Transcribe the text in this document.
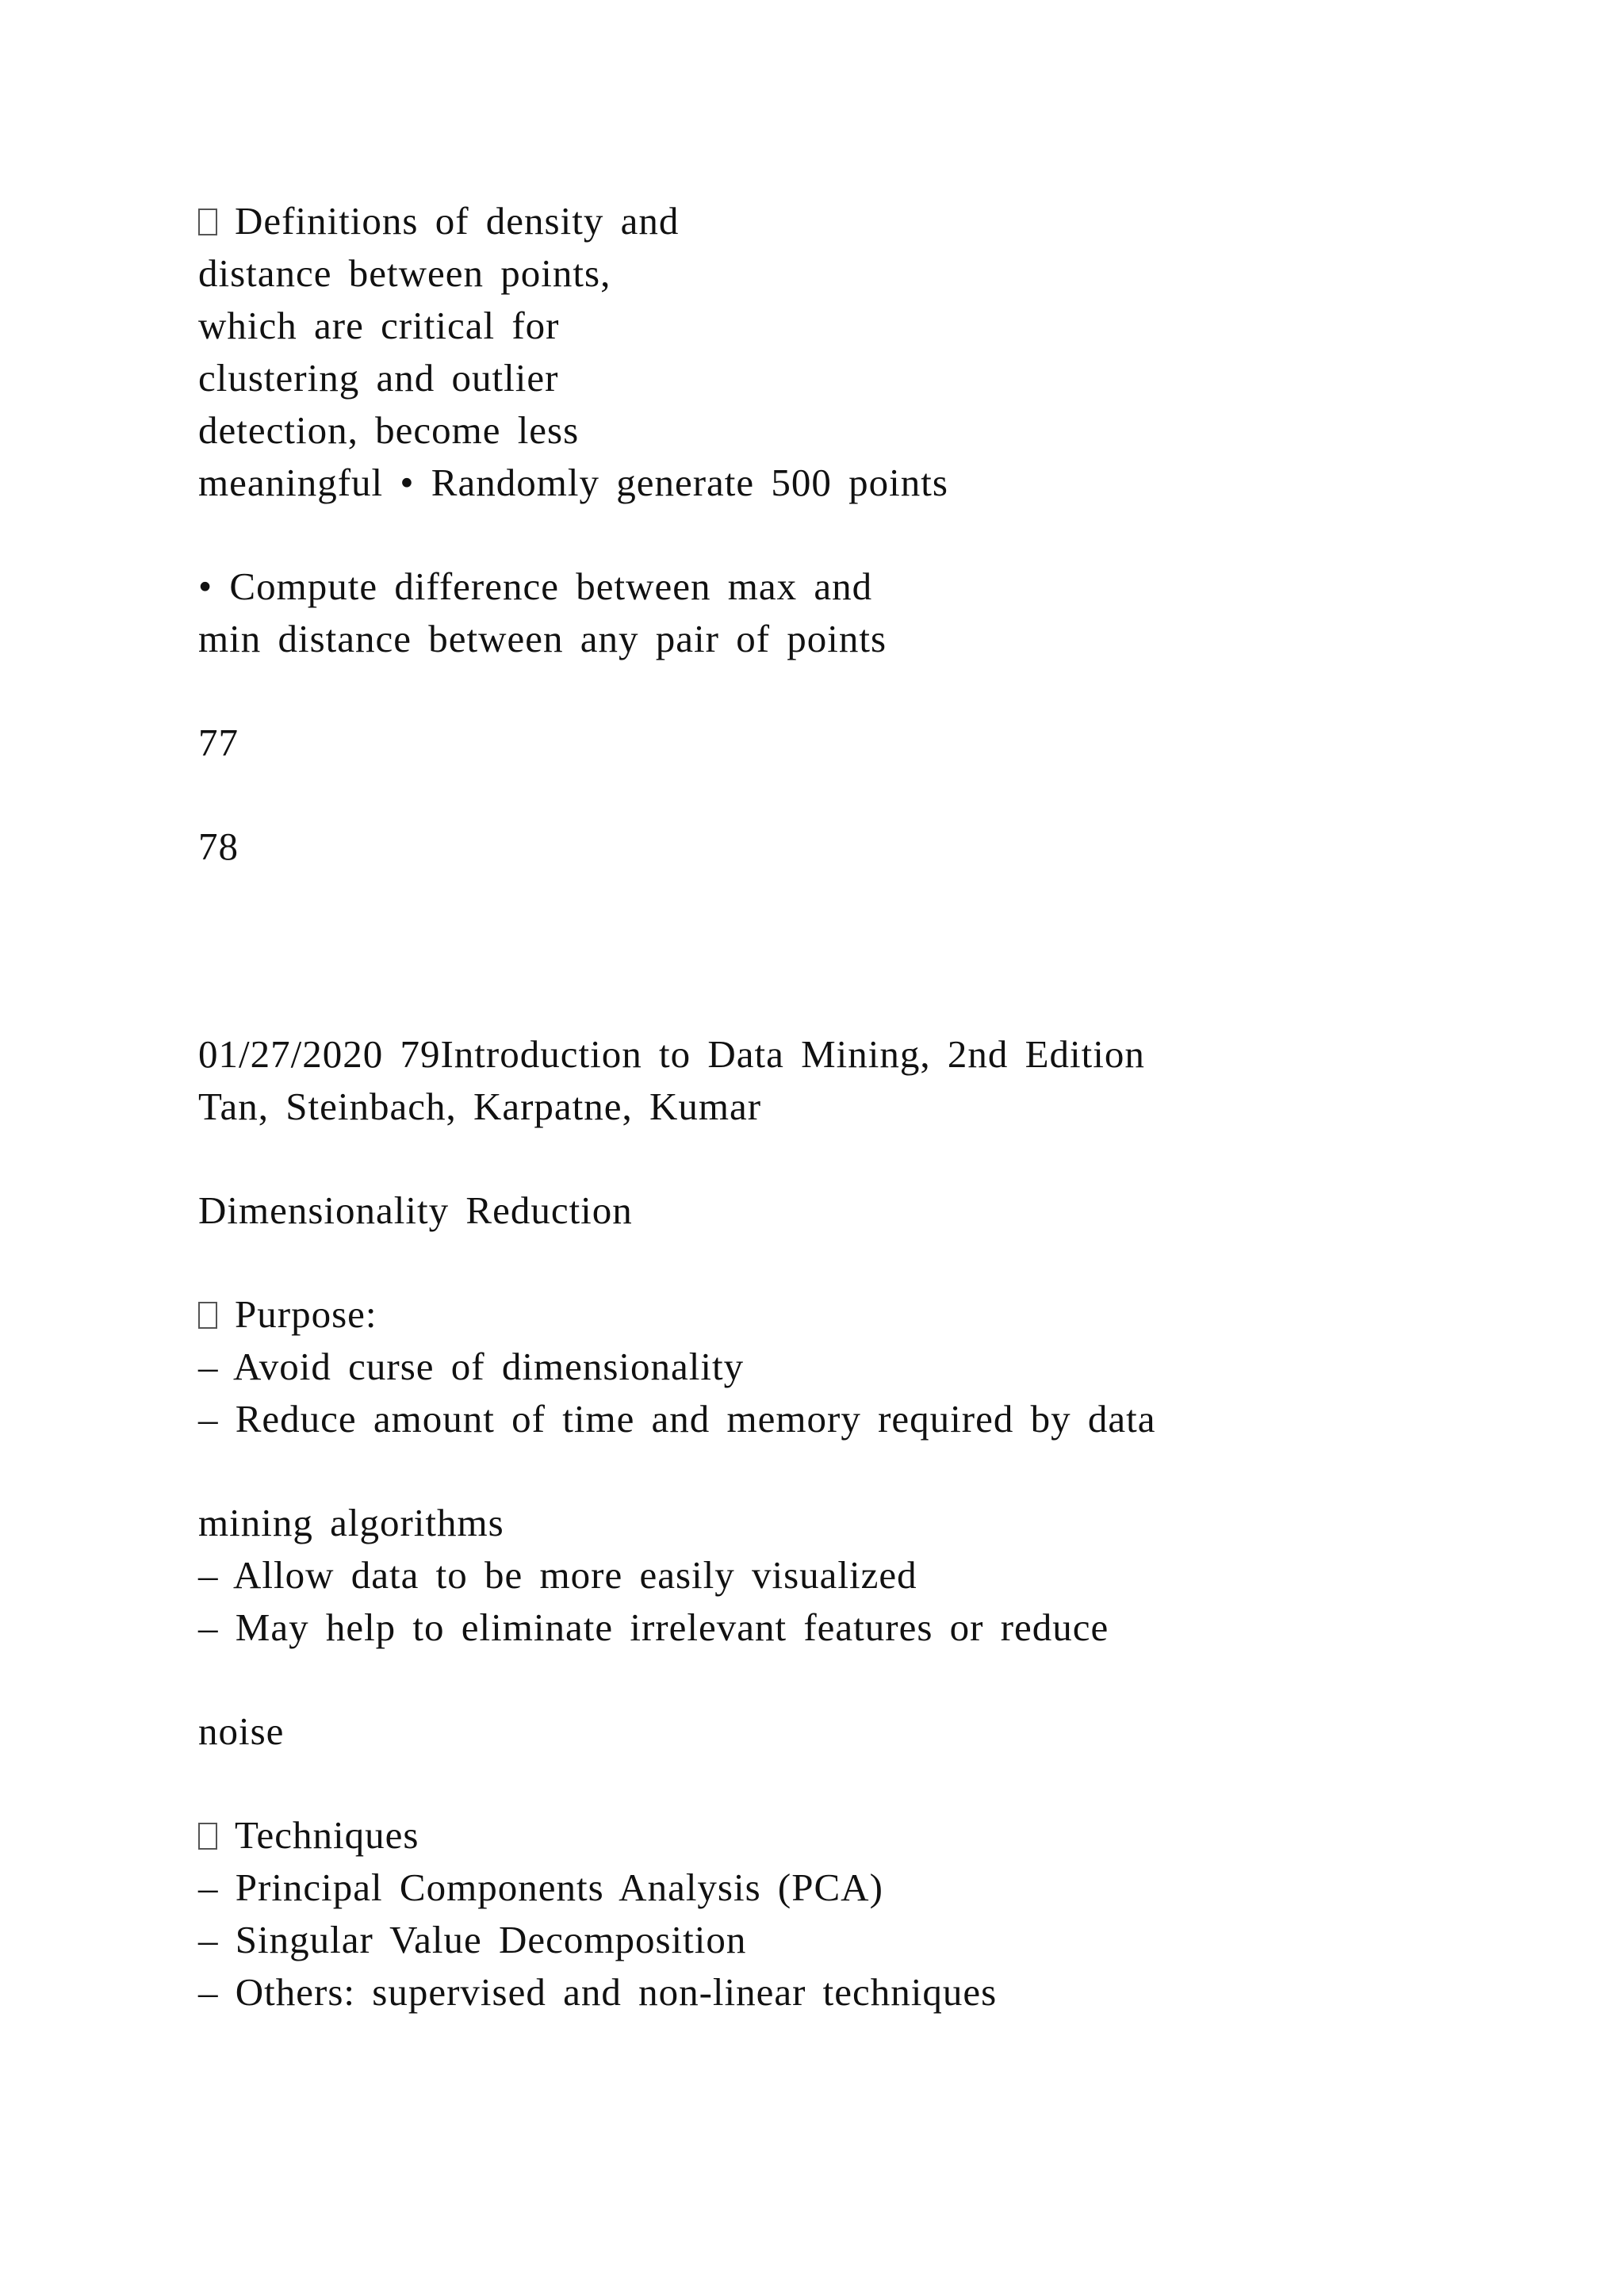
Definitions of density and
distance between points,
which are critical for
clustering and outlier
detection, become less
meaningful • Randomly generate 500 points
• Compute difference between max and
min distance between any pair of points
77
78
01/27/2020 79Introduction to Data Mining, 2nd Edition
Tan, Steinbach, Karpatne, Kumar
Dimensionality Reduction
Purpose:
– Avoid curse of dimensionality
– Reduce amount of time and memory required by data
mining algorithms
– Allow data to be more easily visualized
– May help to eliminate irrelevant features or reduce
noise
Techniques
– Principal Components Analysis (PCA)
– Singular Value Decomposition
– Others: supervised and non-linear techniques
